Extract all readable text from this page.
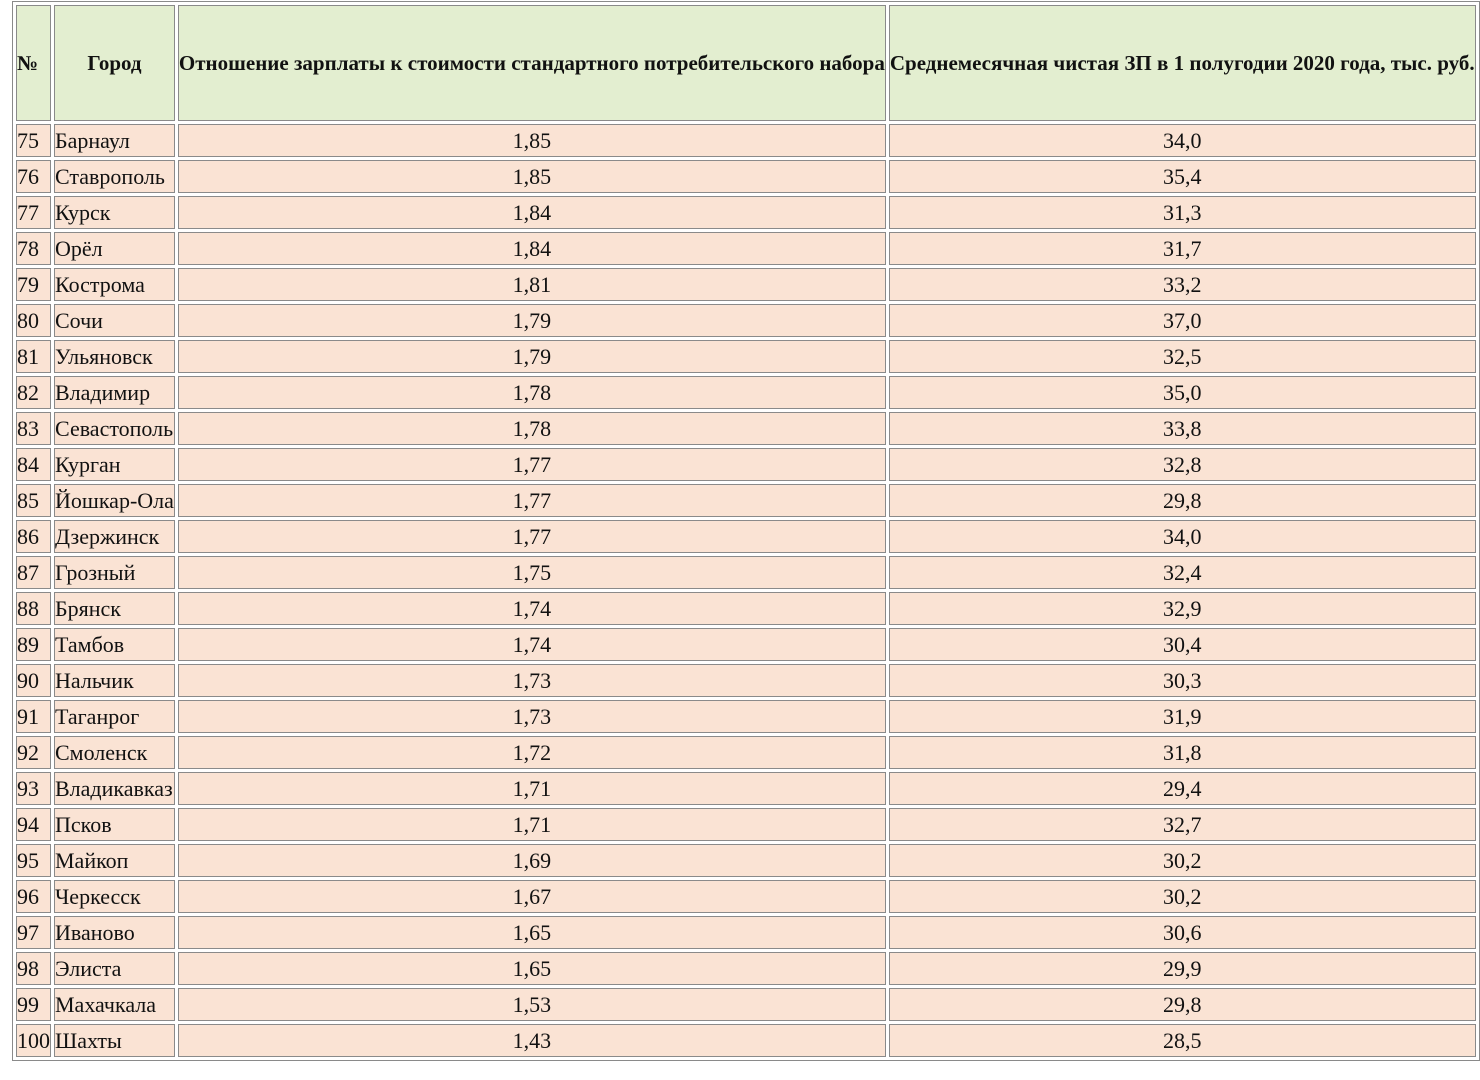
№	Город	Отношение зарплаты к стоимости стандартного потребительского набора	Среднемесячная чистая ЗП в 1 полугодии 2020 года, тыс. руб.
75	Барнаул	1,85	34,0
76	Ставрополь	1,85	35,4
77	Курск	1,84	31,3
78	Орёл	1,84	31,7
79	Кострома	1,81	33,2
80	Сочи	1,79	37,0
81	Ульяновск	1,79	32,5
82	Владимир	1,78	35,0
83	Севастополь	1,78	33,8
84	Курган	1,77	32,8
85	Йошкар-Ола	1,77	29,8
86	Дзержинск	1,77	34,0
87	Грозный	1,75	32,4
88	Брянск	1,74	32,9
89	Тамбов	1,74	30,4
90	Нальчик	1,73	30,3
91	Таганрог	1,73	31,9
92	Смоленск	1,72	31,8
93	Владикавказ	1,71	29,4
94	Псков	1,71	32,7
95	Майкоп	1,69	30,2
96	Черкесск	1,67	30,2
97	Иваново	1,65	30,6
98	Элиста	1,65	29,9
99	Махачкала	1,53	29,8
100	Шахты	1,43	28,5
